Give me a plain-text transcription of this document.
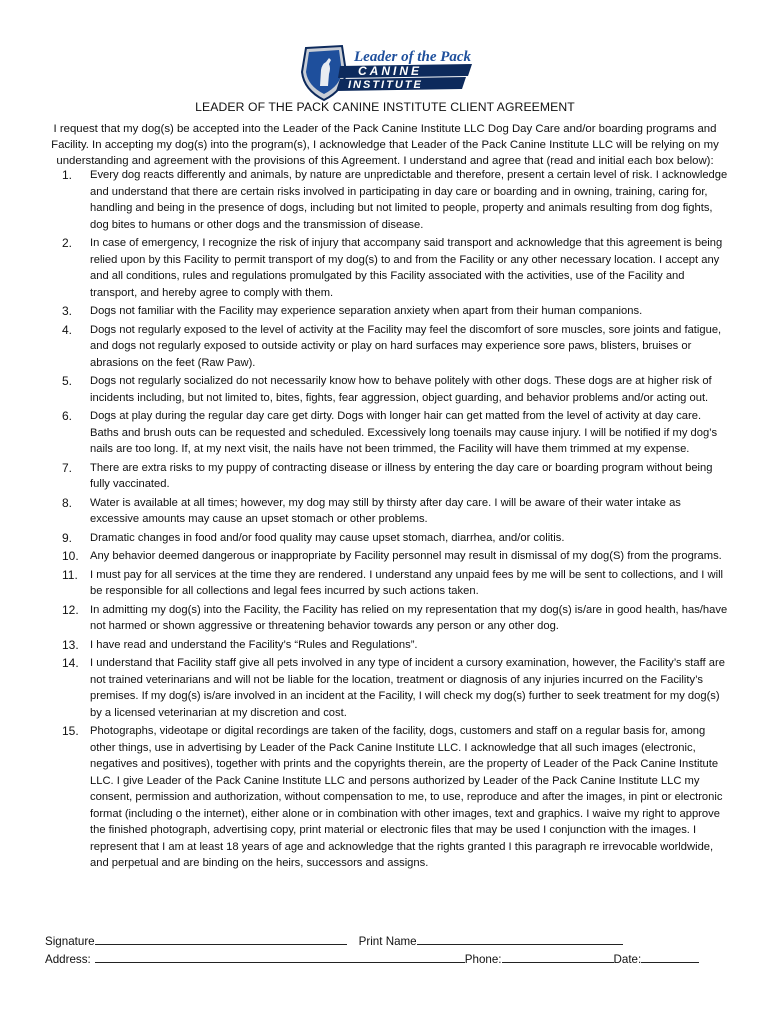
Leader of the Pack
CANINE
INSTITUTE
LEADER OF THE PACK CANINE INSTITUTE CLIENT AGREEMENT
I request that my dog(s) be accepted into the Leader of the Pack Canine Institute LLC Dog Day Care and/or boarding programs and Facility. In accepting my dog(s) into the program(s), I acknowledge that Leader of the Pack Canine Institute LLC will be relying on my understanding and agreement with the provisions of this Agreement. I understand and agree that (read and initial each box below):
1.	Every dog reacts differently and animals, by nature are unpredictable and therefore, present a certain level of risk. I acknowledge and understand that there are certain risks involved in participating in day care or boarding and in owning, training, caring for, handling and being in the presence of dogs, including but not limited to people, property and animals resulting from dog fights, dog bites to humans or other dogs and the transmission of disease.
2.	In case of emergency, I recognize the risk of injury that accompany said transport and acknowledge that this agreement is being relied upon by this Facility to permit transport of my dog(s) to and from the Facility or any other necessary location. I accept any and all conditions, rules and regulations promulgated by this Facility associated with the activities, use of the Facility and transport, and hereby agree to comply with them.
3.	Dogs not familiar with the Facility may experience separation anxiety when apart from their human companions.
4.	Dogs not regularly exposed to the level of activity at the Facility may feel the discomfort of sore muscles, sore joints and fatigue, and dogs not regularly exposed to outside activity or play on hard surfaces may experience sore paws, blisters, bruises or abrasions on the feet (Raw Paw).
5.	Dogs not regularly socialized do not necessarily know how to behave politely with other dogs. These dogs are at higher risk of incidents including, but not limited to, bites, fights, fear aggression, object guarding, and behavior problems and/or acting out.
6.	Dogs at play during the regular day care get dirty. Dogs with longer hair can get matted from the level of activity at day care. Baths and brush outs can be requested and scheduled. Excessively long toenails may cause injury. I will be notified if my dog’s nails are too long. If, at my next visit, the nails have not been trimmed, the Facility will have them trimmed at my expense.
7.	There are extra risks to my puppy of contracting disease or illness by entering the day care or boarding program without being fully vaccinated.
8.	Water is available at all times; however, my dog may still by thirsty after day care. I will be aware of their water intake as excessive amounts may cause an upset stomach or other problems.
9.	Dramatic changes in food and/or food quality may cause upset stomach, diarrhea, and/or colitis.
10.	Any behavior deemed dangerous or inappropriate by Facility personnel may result in dismissal of my dog(S) from the programs.
11.	I must pay for all services at the time they are rendered. I understand any unpaid fees by me will be sent to collections, and I will be responsible for all collections and legal fees incurred by such actions taken.
12.	In admitting my dog(s) into the Facility, the Facility has relied on my representation that my dog(s) is/are in good health, has/have not harmed or shown aggressive or threatening behavior towards any person or any other dog.
13.	I have read and understand the Facility’s “Rules and Regulations”.
14.	I understand that Facility staff give all pets involved in any type of incident a cursory examination, however, the Facility’s staff are not trained veterinarians and will not be liable for the location, treatment or diagnosis of any injuries incurred on the Facility’s premises. If my dog(s) is/are involved in an incident at the Facility, I will check my dog(s) further to seek treatment for my dog(s) by a licensed veterinarian at my discretion and cost.
15.	Photographs, videotape or digital recordings are taken of the facility, dogs, customers and staff on a regular basis for, among other things, use in advertising by Leader of the Pack Canine Institute LLC. I acknowledge that all such images (electronic, negatives and positives), together with prints and the copyrights therein, are the property of Leader of the Pack Canine Institute LLC. I give Leader of the Pack Canine Institute LLC and persons authorized by Leader of the Pack Canine Institute LLC my consent, permission and authorization, without compensation to me, to use, reproduce and after the images, in pint or electronic format (including o the internet), either alone or in combination with other images, text and graphics. I waive my right to approve the finished photograph, advertising copy, print material or electronic files that may be used I conjunction with the images. I represent that I am at least 18 years of age and acknowledge that the rights granted I this paragraph re irrevocable worldwide, and perpetual and are binding on the heirs, successors and assigns.
Signature	Print Name
Address:	Phone:	Date:
